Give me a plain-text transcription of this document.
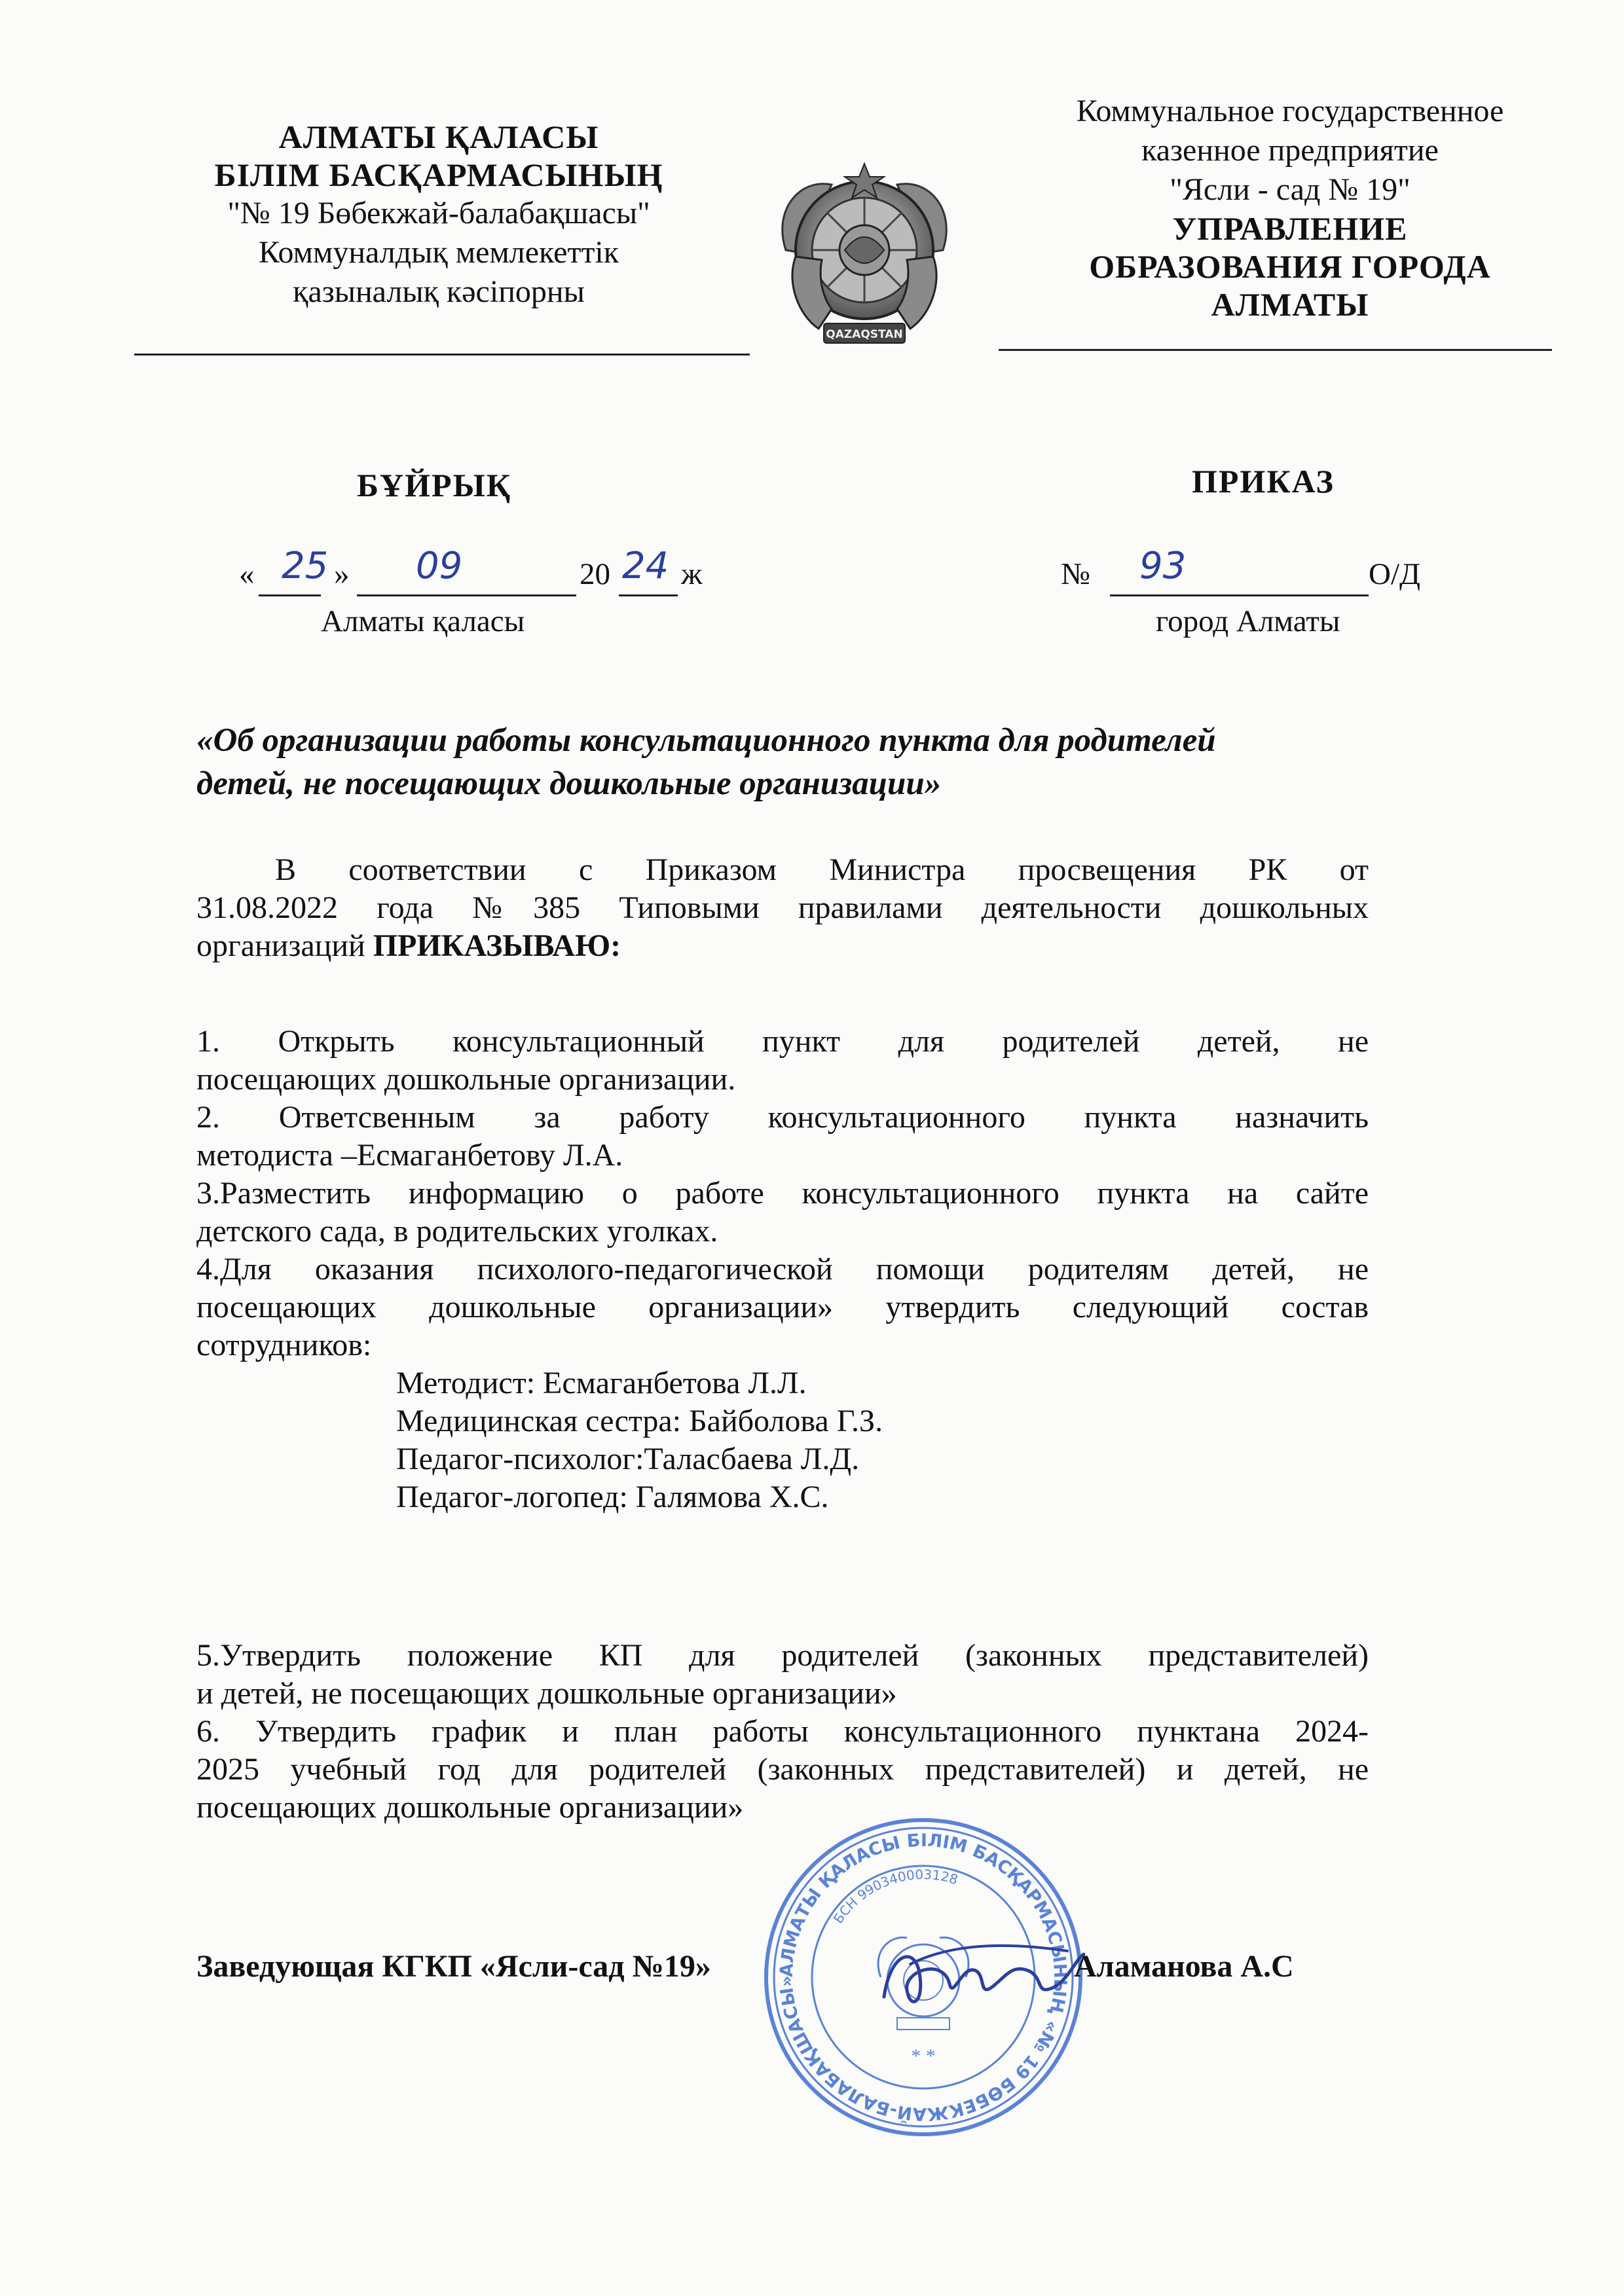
АЛМАТЫ ҚАЛАСЫ
БІЛІМ БАСҚАРМАСЫНЫҢ
"№ 19 Бөбекжай-балабақшасы"
Коммуналдық мемлекеттік
қазыналық кәсіпорны
QAZAQSTAN
Коммунальное государственное
казенное предприятие
"Ясли - сад № 19"
УПРАВЛЕНИЕ
ОБРАЗОВАНИЯ ГОРОДА
АЛМАТЫ
БҰЙРЫҚ	ПРИКАЗ
« 25 » 09	20 24 ж
Алматы қаласы
№ 93	О/Д
город Алматы
«Об организации работы консультационного пункта для родителей
детей, не посещающих дошкольные организации»
В соответствии с Приказом Министра просвещения РК от
31.08.2022 года №385 Типовыми правилами деятельности дошкольных
организаций ПРИКАЗЫВАЮ:
1. Открыть консультационный пункт для родителей детей, не
посещающих дошкольные организации.
2. Ответсвенным за работу консультационного пункта назначить
методиста –Есмаганбетову Л.А.
3.Разместить информацию о работе консультационного пункта на сайте
детского сада, в родительских уголках.
4.Для оказания психолого-педагогической помощи родителям детей, не
посещающих дошкольные организации» утвердить следующий состав
сотрудников:
Методист: Есмаганбетова Л.Л.
Медицинская сестра: Байболова Г.З.
Педагог-психолог:Таласбаева Л.Д.
Педагог-логопед: Галямова Х.С.
5.Утвердить положение КП для родителей (законных представителей)
и детей, не посещающих дошкольные организации»
6. Утвердить график и план работы консультационного пунктана 2024-
2025 учебный год для родителей (законных представителей) и детей, не
посещающих дошкольные организации»
АЛМАТЫ ҚАЛАСЫ БІЛІМ БАСҚАРМАСЫНЫҢ «№ 19 БӨБЕКЖАЙ-БАЛАБАҚШАСЫ»
БСН 990340003128
* *
Заведующая КГКП «Ясли-сад №19»	Аламанова А.С
